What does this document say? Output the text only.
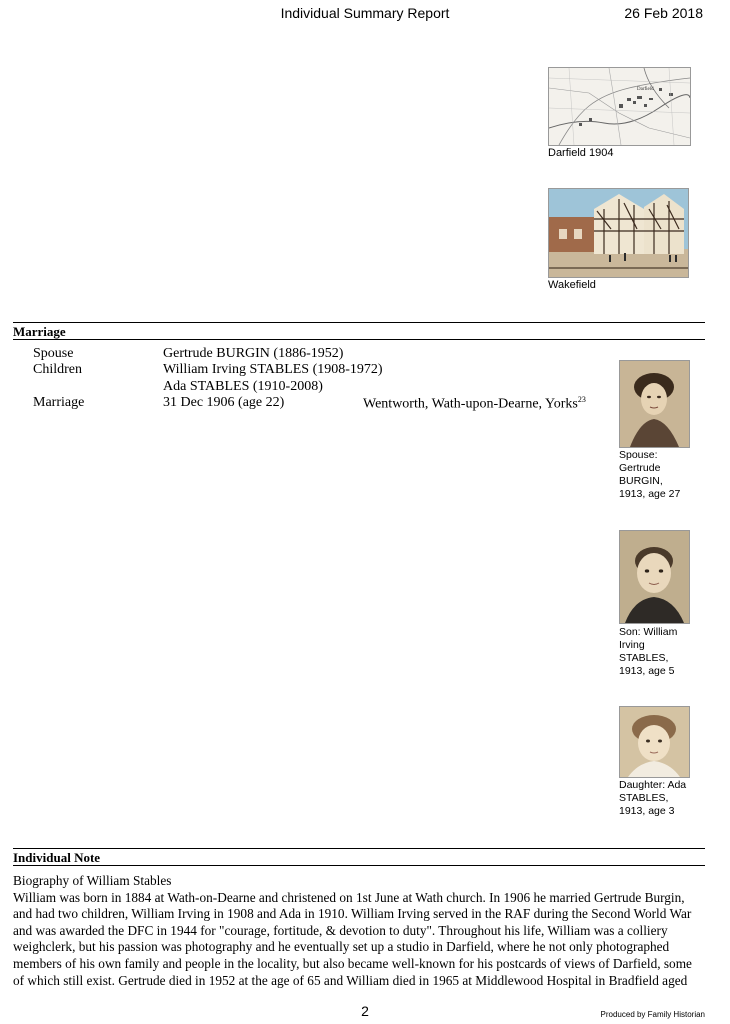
Individual Summary Report	26 Feb 2018
Darfield
Darfield 1904
Wakefield
Marriage
Spouse	Gertrude BURGIN (1886-1952)
Children	William Irving STABLES (1908-1972)
Ada STABLES (1910-2008)
Marriage	31 Dec 1906 (age 22)	Wentworth, Wath-upon-Dearne, Yorks$^{23}$
Spouse:
Gertrude
BURGIN,
1913, age 27
Son: William
Irving
STABLES,
1913, age 5
Daughter: Ada
STABLES,
1913, age 3
Individual Note

Biography of William Stables

William was born in 1884 at Wath-on-Dearne and christened on 1st June at Wath church. In 1906 he married Gertrude Burgin,

and had two children, William Irving in 1908 and Ada in 1910. William Irving served in the RAF during the Second World War

and was awarded the DFC in 1944 for "courage, fortitude, & devotion to duty". Throughout his life, William was a colliery

weighclerk, but his passion was photography and he eventually set up a studio in Darfield, where he not only photographed

members of his own family and people in the locality, but also became well-known for his postcards of views of Darfield, some

of which still exist. Gertrude died in 1952 at the age of 65 and William died in 1965 at Middlewood Hospital in Bradfield aged

2	Produced by Family Historian
